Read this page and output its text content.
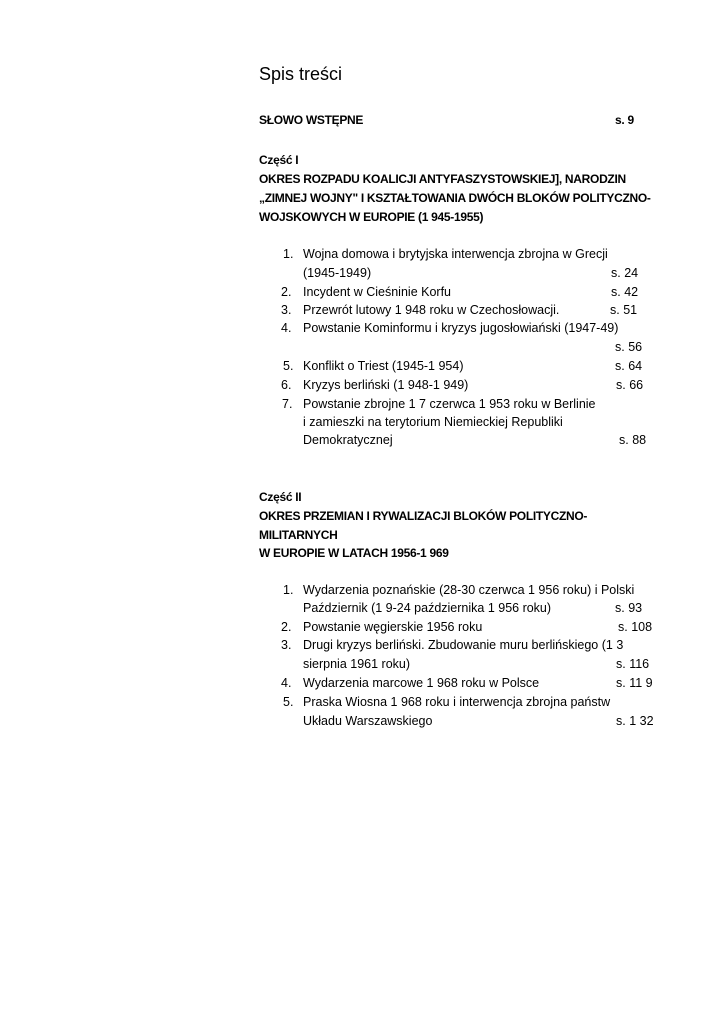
Spis treści
SŁOWO WSTĘPNE	s. 9
Część I
OKRES ROZPADU KOALICJI ANTYFASZYSTOWSKIEJ], NARODZIN
„ZIMNEJ WOJNY" I KSZTAŁTOWANIA DWÓCH BLOKÓW POLITYCZNO-
WOJSKOWYCH W EUROPIE (1 945-1955)
1. Wojna domowa i brytyjska interwencja zbrojna w Grecji
(1945-1949)	s. 24
2. Incydent w Cieśninie Korfu	s. 42
3. Przewrót lutowy 1 948 roku w Czechosłowacji.	s. 51
4. Powstanie Kominformu i kryzys jugosłowiański (1947-49)
s. 56
5. Konflikt o Triest (1945-1 954)	s. 64
6. Kryzys berliński (1 948-1 949)	s. 66
7. Powstanie zbrojne 1 7 czerwca 1 953 roku w Berlinie
i zamieszki na terytorium Niemieckiej Republiki
Demokratycznej	s. 88
Część II
OKRES PRZEMIAN I RYWALIZACJI BLOKÓW POLITYCZNO-
MILITARNYCH
W EUROPIE W LATACH 1956-1 969
1. Wydarzenia poznańskie (28-30 czerwca 1 956 roku) i Polski
Październik (1 9-24 października 1 956 roku)	s. 93
2. Powstanie węgierskie 1956 roku	s. 108
3. Drugi kryzys berliński. Zbudowanie muru berlińskiego (1 3
sierpnia 1961 roku)	s. 116
4. Wydarzenia marcowe 1 968 roku w Polsce	s. 11 9
5. Praska Wiosna 1 968 roku i interwencja zbrojna państw
Układu Warszawskiego	s. 1 32
